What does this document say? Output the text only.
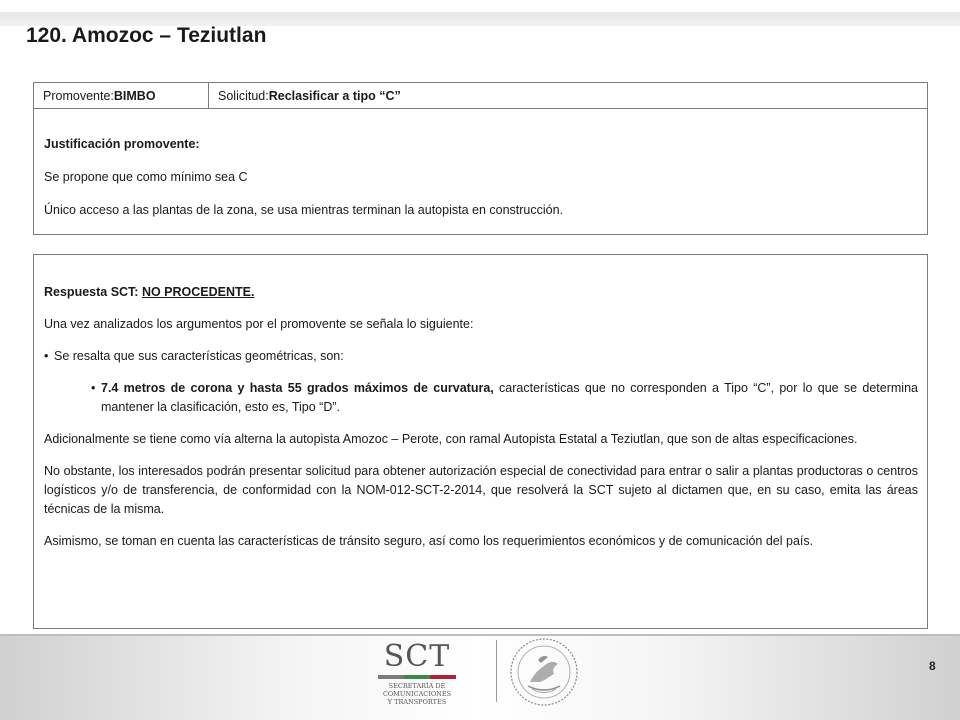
120. Amozoc – Teziutlan
Promovente: BIMBO	Solicitud: Reclasificar a tipo “C”

Justificación promovente:

Se propone que como mínimo sea C

Único acceso a las plantas de la zona, se usa mientras terminan la autopista en construcción.

Respuesta SCT: NO PROCEDENTE.

Una vez analizados los argumentos por el promovente se señala lo siguiente:

• Se resalta que sus características geométricas, son:

• 7.4 metros de corona y hasta 55 grados máximos de curvatura, características que no corresponden a Tipo “C”, por lo que se determina mantener la clasificación, esto es, Tipo “D”.

Adicionalmente se tiene como vía alterna la autopista Amozoc – Perote, con ramal Autopista Estatal a Teziutlan, que son de altas especificaciones.

No obstante, los interesados podrán presentar solicitud para obtener autorización especial de conectividad para entrar o salir a plantas productoras o centros logísticos y/o de transferencia, de conformidad con la NOM-012-SCT-2-2014, que resolverá la SCT sujeto al dictamen que, en su caso, emita las áreas técnicas de la misma.

Asimismo, se toman en cuenta las características de tránsito seguro, así como los requerimientos económicos y de comunicación del país.

SCT
SECRETARÍA DE
COMUNICACIONES
Y TRANSPORTES
8
